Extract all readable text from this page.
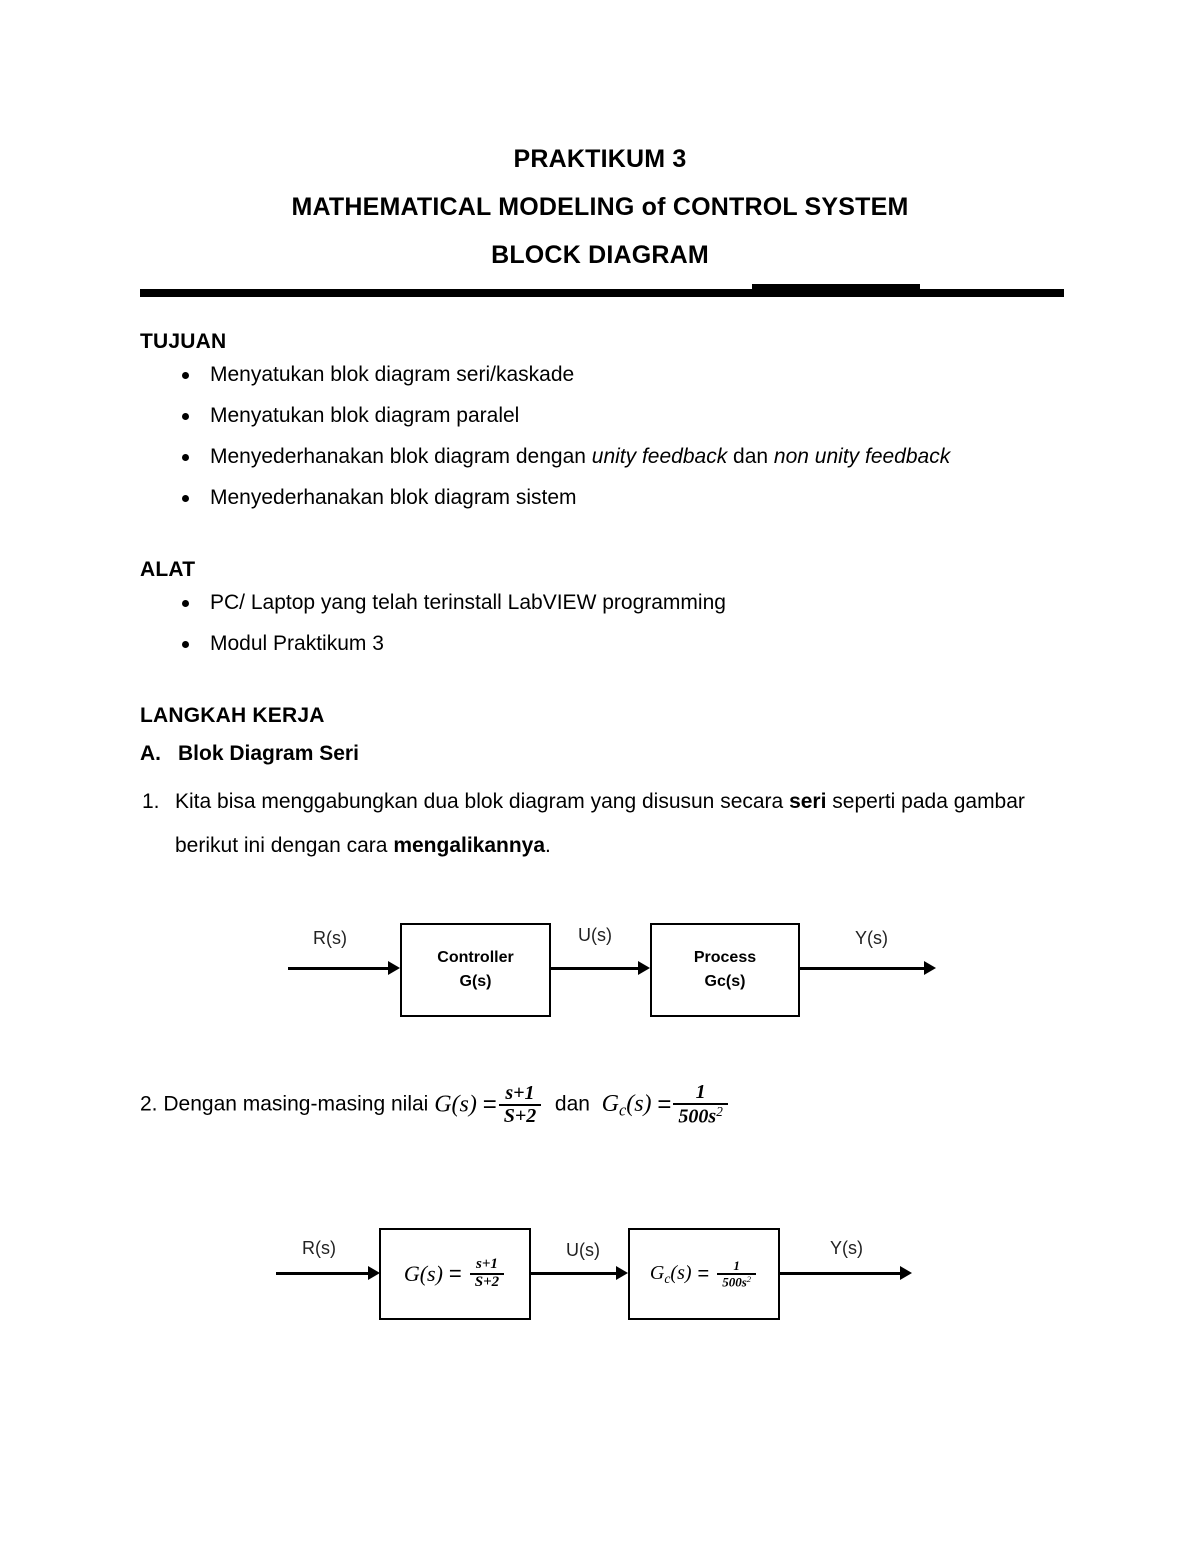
PRAKTIKUM 3
MATHEMATICAL MODELING of CONTROL SYSTEM
BLOCK DIAGRAM
TUJUAN
Menyatukan blok diagram seri/kaskade
Menyatukan blok diagram paralel
Menyederhanakan blok diagram dengan unity feedback dan non unity feedback
Menyederhanakan blok diagram sistem
ALAT
PC/ Laptop yang telah terinstall LabVIEW programming
Modul Praktikum 3
LANGKAH KERJA
A. Blok Diagram Seri
1. Kita bisa menggabungkan dua blok diagram yang disusun secara seri seperti pada gambar berikut ini dengan cara mengalikannya.
R(s)
Controller
G(s)
U(s)
Process
Gc(s)
Y(s)
2. Dengan masing-masing nilai $G(s) = \frac{s+1}{S+2}$ dan $Gc(s) = \frac{1}{500s^2}$
R(s)
$G(s) = \frac{s+1}{S+2}$
U(s)
$Gc(s) = \frac{1}{500s^2}$
Y(s)
